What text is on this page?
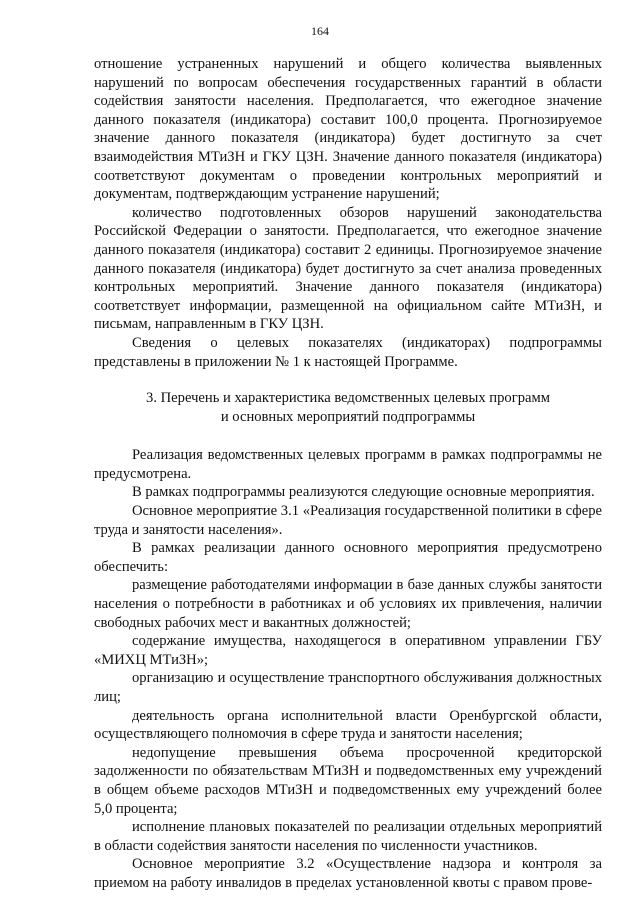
164

отношение устраненных нарушений и общего количества выявленных нарушений по вопросам обеспечения государственных гарантий в области содействия занятости населения. Предполагается, что ежегодное значение данного показателя (индикатора) составит 100,0 процента. Прогнозируемое значение данного показателя (индикатора) будет достигнуто за счет взаимодействия МТиЗН и ГКУ ЦЗН. Значение данного показателя (индикатора) соответствуют документам о проведении контрольных мероприятий и документам, подтверждающим устранение нарушений;

количество подготовленных обзоров нарушений законодательства Российской Федерации о занятости. Предполагается, что ежегодное значение данного показателя (индикатора) составит 2 единицы. Прогнозируемое значение данного показателя (индикатора) будет достигнуто за счет анализа проведенных контрольных мероприятий. Значение данного показателя (индикатора) соответствует информации, размещенной на официальном сайте МТиЗН, и письмам, направленным в ГКУ ЦЗН.

Сведения о целевых показателях (индикаторах) подпрограммы представлены в приложении № 1 к настоящей Программе.

3. Перечень и характеристика ведомственных целевых программ
и основных мероприятий подпрограммы

Реализация ведомственных целевых программ в рамках подпрограммы не предусмотрена.

В рамках подпрограммы реализуются следующие основные мероприятия.

Основное мероприятие 3.1 «Реализация государственной политики в сфере труда и занятости населения».

В рамках реализации данного основного мероприятия предусмотрено обеспечить:

размещение работодателями информации в базе данных службы занятости населения о потребности в работниках и об условиях их привлечения, наличии свободных рабочих мест и вакантных должностей;

содержание имущества, находящегося в оперативном управлении ГБУ «МИХЦ МТиЗН»;

организацию и осуществление транспортного обслуживания должностных лиц;

деятельность органа исполнительной власти Оренбургской области, осуществляющего полномочия в сфере труда и занятости населения;

недопущение превышения объема просроченной кредиторской задолженности по обязательствам МТиЗН и подведомственных ему учреждений в общем объеме расходов МТиЗН и подведомственных ему учреждений более 5,0 процента;

исполнение плановых показателей по реализации отдельных мероприятий в области содействия занятости населения по численности участников.

Основное мероприятие 3.2 «Осуществление надзора и контроля за приемом на работу инвалидов в пределах установленной квоты с правом прове-
